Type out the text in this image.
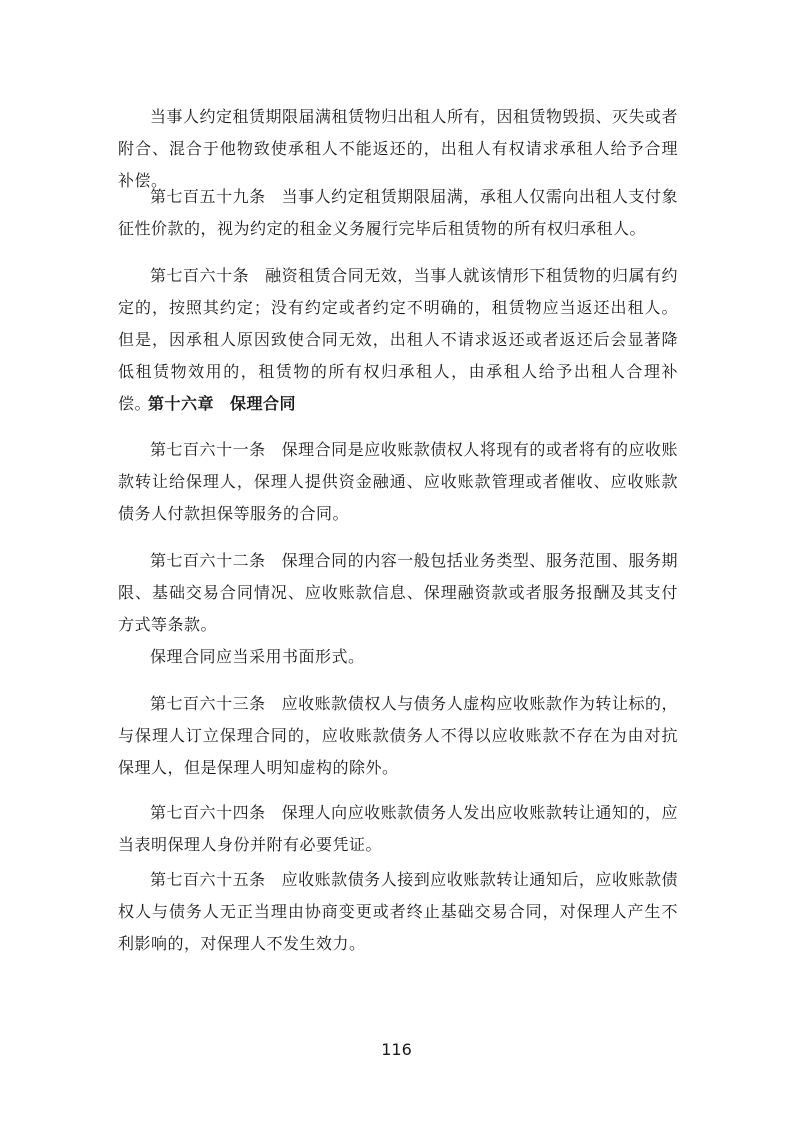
当事人约定租赁期限届满租赁物归出租人所有，因租赁物毁损、灭失或者附合、混合于他物致使承租人不能返还的，出租人有权请求承租人给予合理补偿。

第七百五十九条 当事人约定租赁期限届满，承租人仅需向出租人支付象征性价款的，视为约定的租金义务履行完毕后租赁物的所有权归承租人。

第七百六十条 融资租赁合同无效，当事人就该情形下租赁物的归属有约定的，按照其约定；没有约定或者约定不明确的，租赁物应当返还出租人。但是，因承租人原因致使合同无效，出租人不请求返还或者返还后会显著降低租赁物效用的，租赁物的所有权归承租人，由承租人给予出租人合理补偿。

第十六章 保理合同

第七百六十一条 保理合同是应收账款债权人将现有的或者将有的应收账款转让给保理人，保理人提供资金融通、应收账款管理或者催收、应收账款债务人付款担保等服务的合同。

第七百六十二条 保理合同的内容一般包括业务类型、服务范围、服务期限、基础交易合同情况、应收账款信息、保理融资款或者服务报酬及其支付方式等条款。

保理合同应当采用书面形式。

第七百六十三条 应收账款债权人与债务人虚构应收账款作为转让标的，与保理人订立保理合同的，应收账款债务人不得以应收账款不存在为由对抗保理人，但是保理人明知虚构的除外。

第七百六十四条 保理人向应收账款债务人发出应收账款转让通知的，应当表明保理人身份并附有必要凭证。

第七百六十五条 应收账款债务人接到应收账款转让通知后，应收账款债权人与债务人无正当理由协商变更或者终止基础交易合同，对保理人产生不利影响的，对保理人不发生效力。

116
